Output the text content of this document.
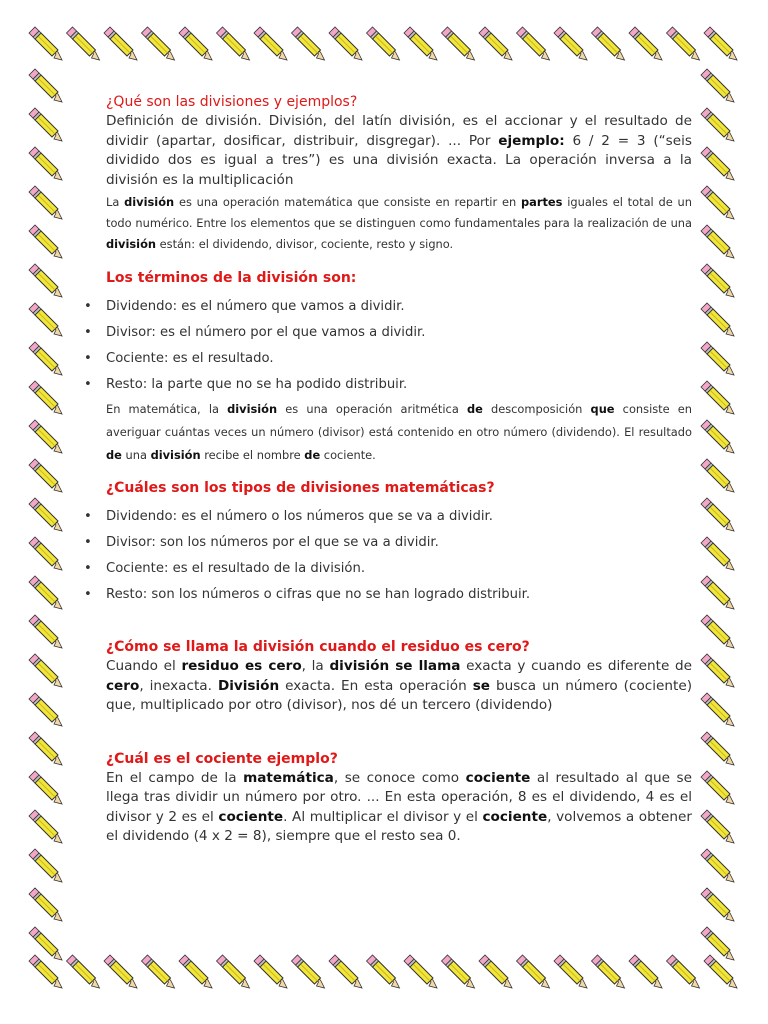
¿Qué son las divisiones y ejemplos?

Definición de división. División, del latín división, es el accionar y el resultado de dividir (apartar, dosificar, distribuir, disgregar). ... Por ejemplo: 6 / 2 = 3 (“seis dividido dos es igual a tres”) es una división exacta. La operación inversa a la división es la multiplicación

La división es una operación matemática que consiste en repartir en partes iguales el total de un todo numérico. Entre los elementos que se distinguen como fundamentales para la realización de una división están: el dividendo, divisor, cociente, resto y signo.

Los términos de la división son:

• Dividendo: es el número que vamos a dividir.
• Divisor: es el número por el que vamos a dividir.
• Cociente: es el resultado.
• Resto: la parte que no se ha podido distribuir.

En matemática, la división es una operación aritmética de descomposición que consiste en averiguar cuántas veces un número (divisor) está contenido en otro número (dividendo). El resultado de una división recibe el nombre de cociente.

¿Cuáles son los tipos de divisiones matemáticas?

• Dividendo: es el número o los números que se va a dividir.
• Divisor: son los números por el que se va a dividir.
• Cociente: es el resultado de la división.
• Resto: son los números o cifras que no se han logrado distribuir.

¿Cómo se llama la división cuando el residuo es cero?

Cuando el residuo es cero, la división se llama exacta y cuando es diferente de cero, inexacta. División exacta. En esta operación se busca un número (cociente) que, multiplicado por otro (divisor), nos dé un tercero (dividendo)

¿Cuál es el cociente ejemplo?

En el campo de la matemática, se conoce como cociente al resultado al que se llega tras dividir un número por otro. ... En esta operación, 8 es el dividendo, 4 es el divisor y 2 es el cociente. Al multiplicar el divisor y el cociente, volvemos a obtener el dividendo (4 x 2 = 8), siempre que el resto sea 0.
